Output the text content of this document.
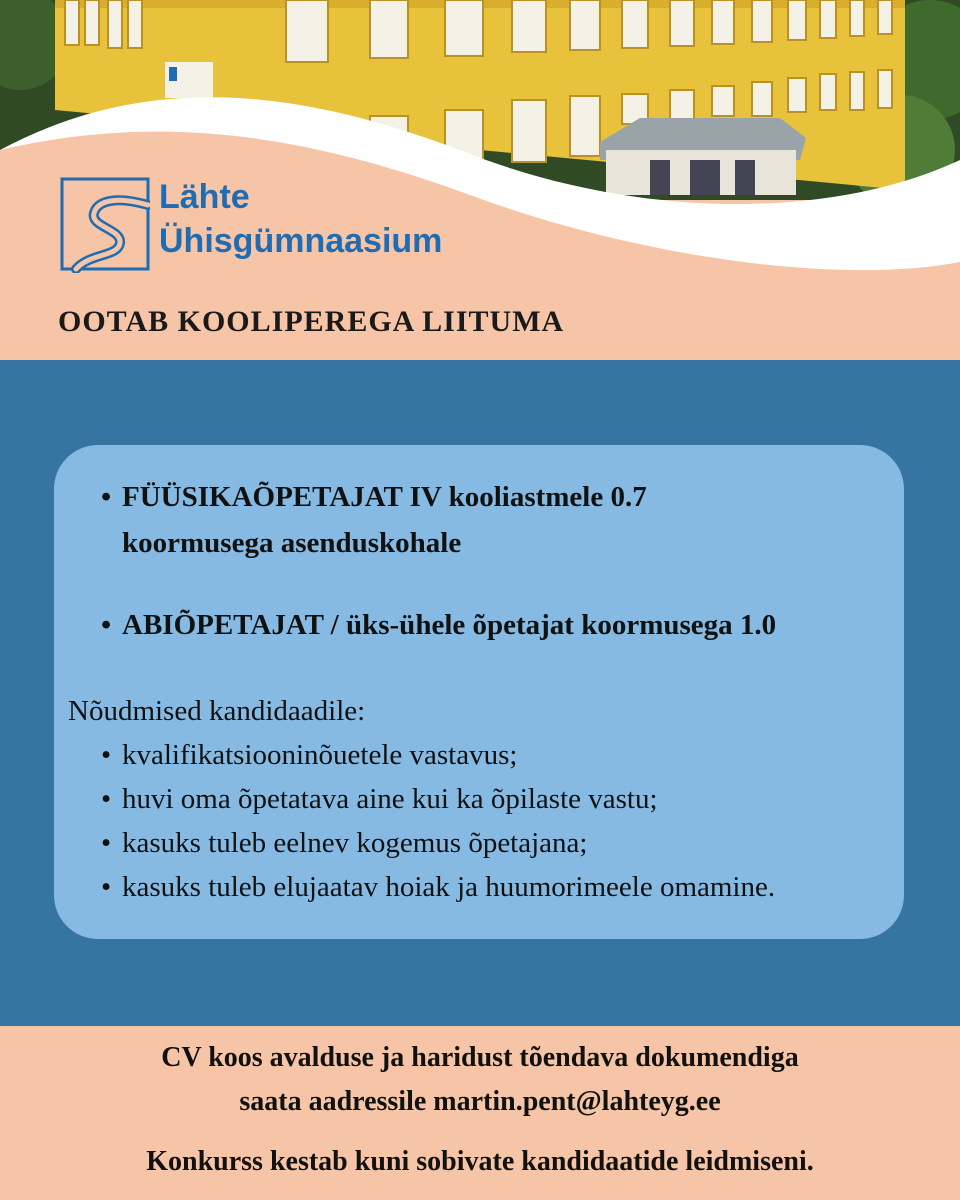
Lähte
Ühisgümnaasium
OOTAB KOOLIPEREGA LIITUMA
• FÜÜSIKAÕPETAJAT IV kooliastmele 0.7
koormusega asenduskohale
• ABIÕPETAJAT / üks-ühele õpetajat koormusega 1.0
Nõudmised kandidaadile:
• kvalifikatsiooninõuetele vastavus;
• huvi oma õpetatava aine kui ka õpilaste vastu;
• kasuks tuleb eelnev kogemus õpetajana;
• kasuks tuleb elujaatav hoiak ja huumorimeele omamine.
CV koos avalduse ja haridust tõendava dokumendiga
saata aadressile martin.pent@lahteyg.ee
Konkurss kestab kuni sobivate kandidaatide leidmiseni.
